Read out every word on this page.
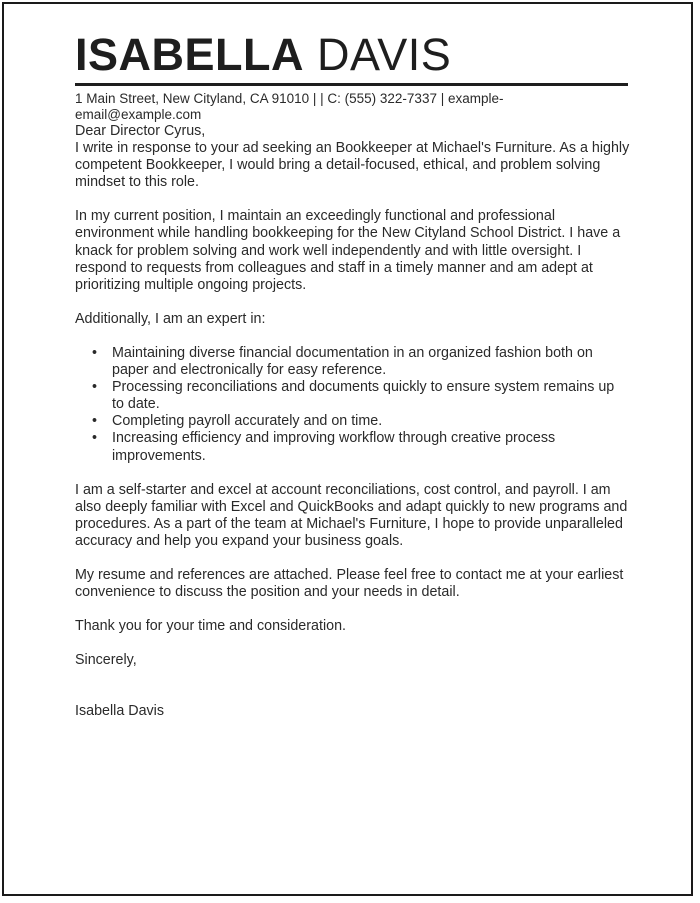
ISABELLA DAVIS
1 Main Street, New Cityland, CA 91010 | | C: (555) 322-7337 | example-email@example.com

Dear Director Cyrus,

I write in response to your ad seeking an Bookkeeper at Michael's Furniture. As a highly competent Bookkeeper, I would bring a detail-focused, ethical, and problem solving mindset to this role.

In my current position, I maintain an exceedingly functional and professional environment while handling bookkeeping for the New Cityland School District. I have a knack for problem solving and work well independently and with little oversight. I respond to requests from colleagues and staff in a timely manner and am adept at prioritizing multiple ongoing projects.

Additionally, I am an expert in:

• Maintaining diverse financial documentation in an organized fashion both on paper and electronically for easy reference.
• Processing reconciliations and documents quickly to ensure system remains up to date.
• Completing payroll accurately and on time.
• Increasing efficiency and improving workflow through creative process improvements.

I am a self-starter and excel at account reconciliations, cost control, and payroll. I am also deeply familiar with Excel and QuickBooks and adapt quickly to new programs and procedures. As a part of the team at Michael's Furniture, I hope to provide unparalleled accuracy and help you expand your business goals.

My resume and references are attached. Please feel free to contact me at your earliest convenience to discuss the position and your needs in detail.

Thank you for your time and consideration.

Sincerely,

Isabella Davis
